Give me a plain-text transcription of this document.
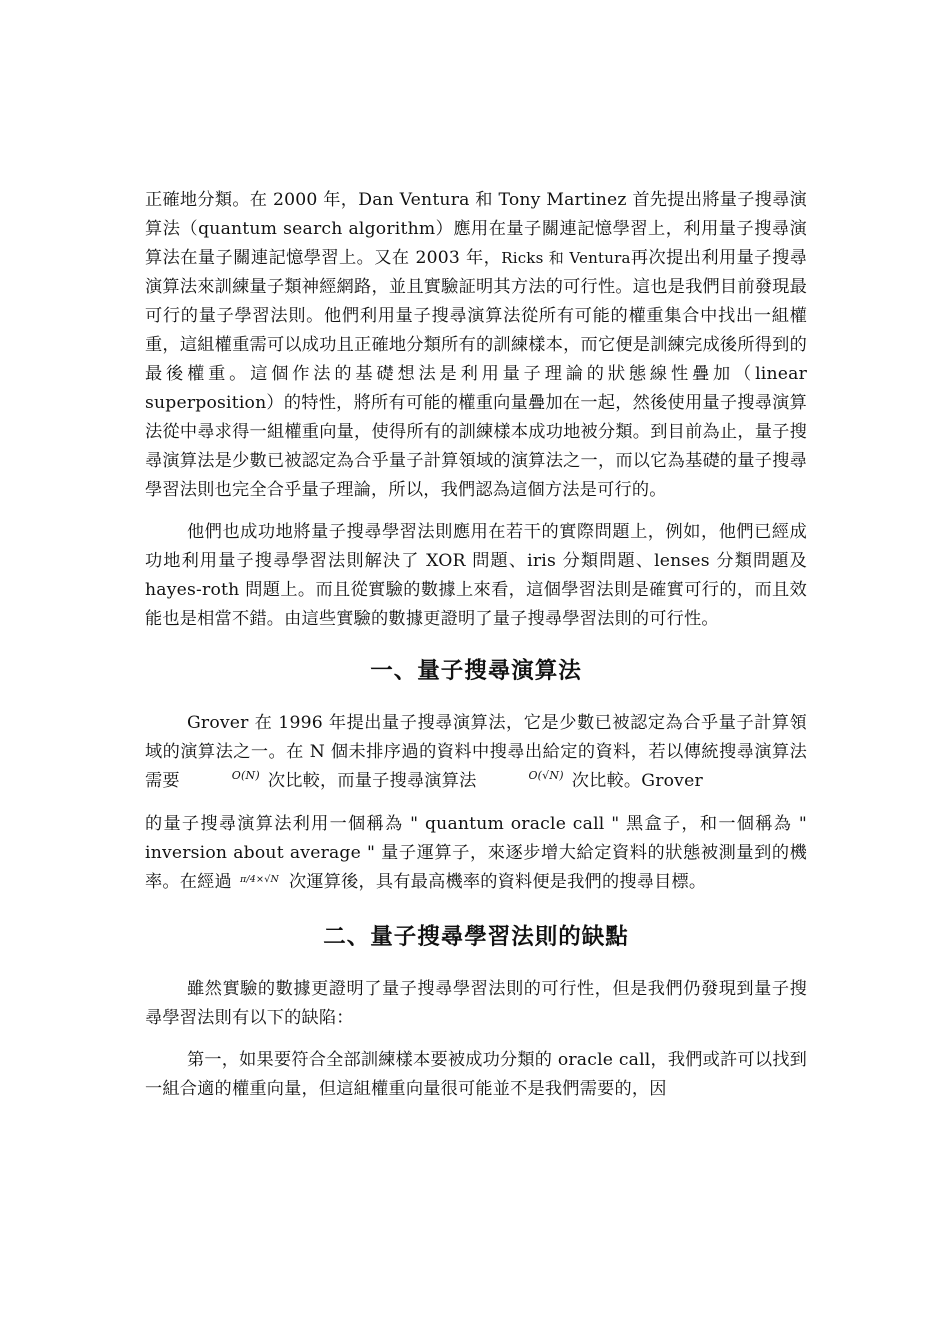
正確地分類。在 2000 年，Dan Ventura 和 Tony Martinez 首先提出將量子搜尋演算法（quantum search algorithm）應用在量子關連記憶學習上，利用量子搜尋演算法在量子關連記憶學習上。又在 2003 年，Ricks 和 Ventura再次提出利用量子搜尋演算法來訓練量子類神經網路，並且實驗証明其方法的可行性。這也是我們目前發現最可行的量子學習法則。他們利用量子搜尋演算法從所有可能的權重集合中找出一組權重，這組權重需可以成功且正確地分類所有的訓練樣本，而它便是訓練完成後所得到的最後權重。這個作法的基礎想法是利用量子理論的狀態線性疊加（linear superposition）的特性，將所有可能的權重向量疊加在一起，然後使用量子搜尋演算法從中尋求得一組權重向量，使得所有的訓練樣本成功地被分類。到目前為止，量子搜尋演算法是少數已被認定為合乎量子計算領域的演算法之一，而以它為基礎的量子搜尋學習法則也完全合乎量子理論，所以，我們認為這個方法是可行的。

他們也成功地將量子搜尋學習法則應用在若干的實際問題上，例如，他們已經成功地利用量子搜尋學習法則解決了 XOR 問題、iris 分類問題、lenses 分類問題及 hayes-roth 問題上。而且從實驗的數據上來看，這個學習法則是確實可行的，而且效能也是相當不錯。由這些實驗的數據更證明了量子搜尋學習法則的可行性。

一、量子搜尋演算法

Grover 在 1996 年提出量子搜尋演算法，它是少數已被認定為合乎量子計算領域的演算法之一。在 N 個未排序過的資料中搜尋出給定的資料，若以傳統搜尋演算法需要	O(N) 次比較，而量子搜尋演算法	O(√N) 次比較。Grover

的量子搜尋演算法利用一個稱為 " quantum oracle call " 黑盒子，和一個稱為 " inversion about average " 量子運算子，來逐步增大給定資料的狀態被測量到的機率。在經過 π/4×√N 次運算後，具有最高機率的資料便是我們的搜尋目標。

二、量子搜尋學習法則的缺點

雖然實驗的數據更證明了量子搜尋學習法則的可行性，但是我們仍發現到量子搜尋學習法則有以下的缺陷：

第一，如果要符合全部訓練樣本要被成功分類的 oracle call，我們或許可以找到一組合適的權重向量，但這組權重向量很可能並不是我們需要的，因
